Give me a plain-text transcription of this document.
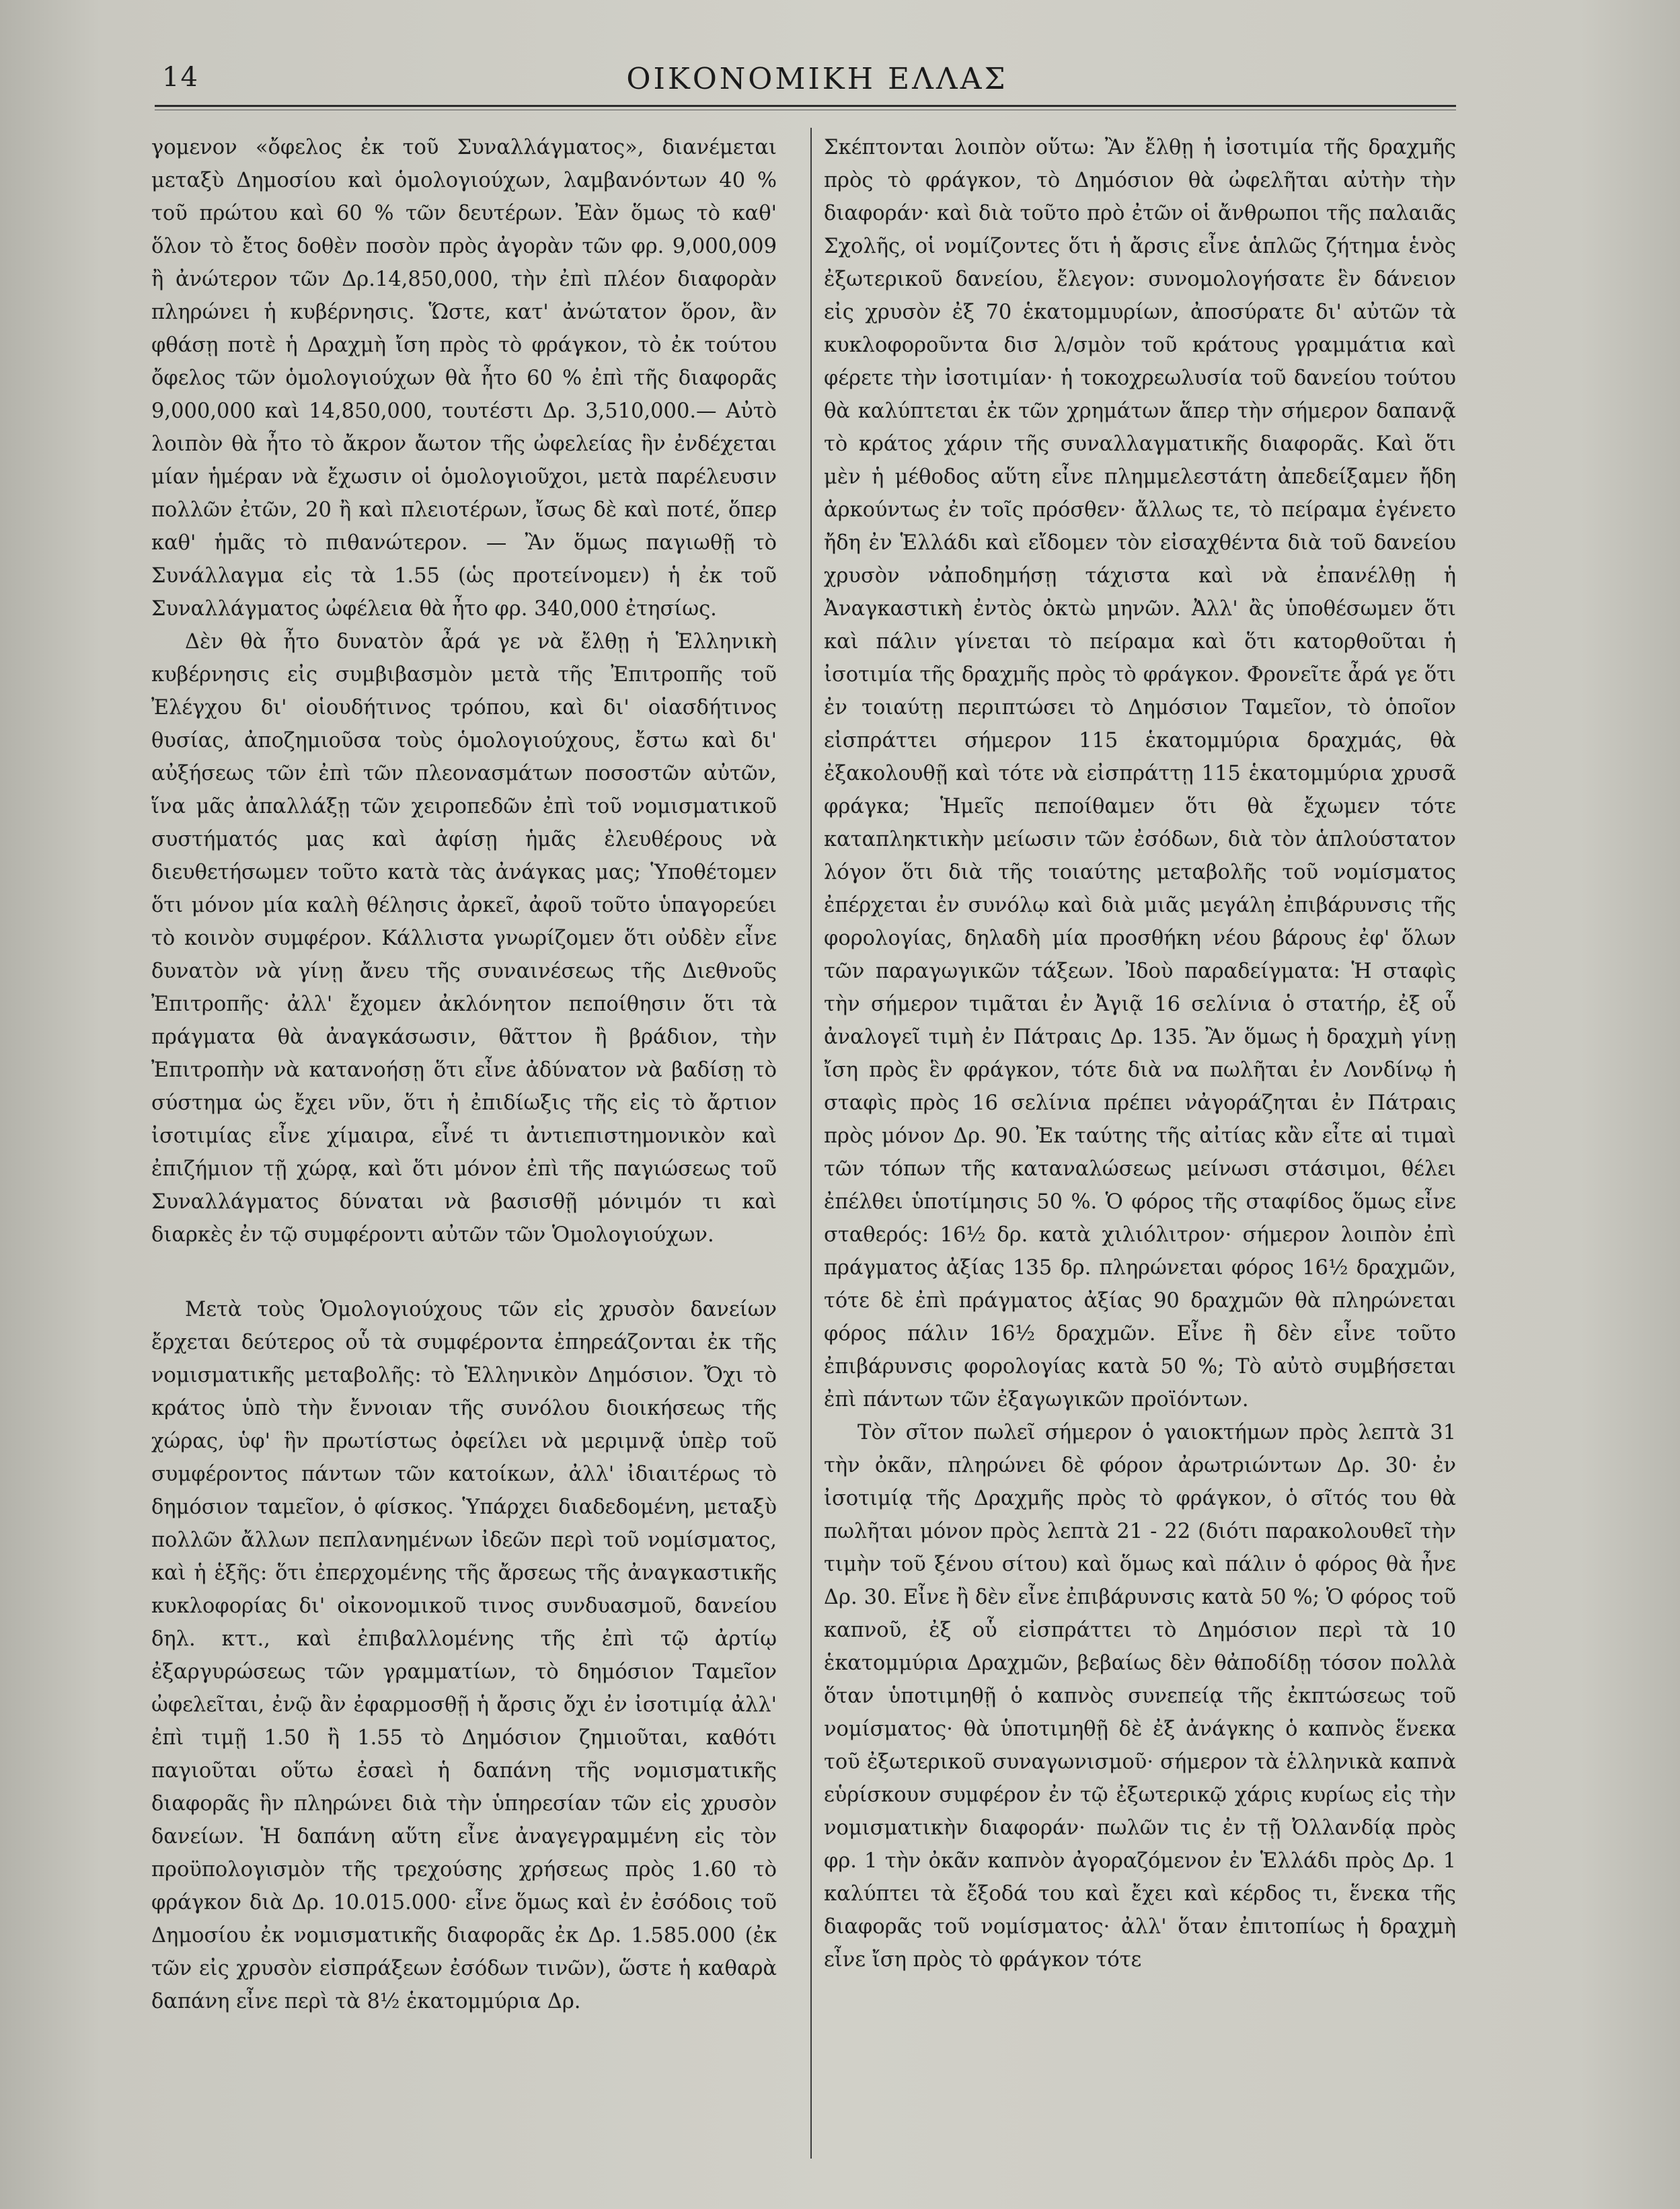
14	ΟΙΚΟΝΟΜΙΚΗ ΕΛΛΑΣ

γομενον «ὄφελος ἐκ τοῦ Συναλλάγματος», διανέμεται μεταξὺ Δημοσίου καὶ ὁμολογιούχων, λαμβανόντων 40 % τοῦ πρώτου καὶ 60 % τῶν δευτέρων. Ἐὰν ὅμως τὸ καθ' ὅλον τὸ ἔτος δοθὲν ποσὸν πρὸς ἀγορὰν τῶν φρ. 9,000,009 ἢ ἀνώτερον τῶν Δρ.14,850,000, τὴν ἐπὶ πλέον διαφορὰν πληρώνει ἡ κυβέρνησις. Ὥστε, κατ' ἀνώτατον ὅρον, ἂν φθάσῃ ποτὲ ἡ Δραχμὴ ἴση πρὸς τὸ φράγκον, τὸ ἐκ τούτου ὄφελος τῶν ὁμολογιούχων θὰ ἦτο 60 % ἐπὶ τῆς διαφορᾶς 9,000,000 καὶ 14,850,000, τουτέστι Δρ. 3,510,000.— Αὐτὸ λοιπὸν θὰ ἦτο τὸ ἄκρον ἄωτον τῆς ὠφελείας ἣν ἐνδέχεται μίαν ἡμέραν νὰ ἔχωσιν οἱ ὁμολογιοῦχοι, μετὰ παρέλευσιν πολλῶν ἐτῶν, 20 ἢ καὶ πλειοτέρων, ἴσως δὲ καὶ ποτέ, ὅπερ καθ' ἡμᾶς τὸ πιθανώτερον. — Ἂν ὅμως παγιωθῇ τὸ Συνάλλαγμα εἰς τὰ 1.55 (ὡς προτείνομεν) ἡ ἐκ τοῦ Συναλλάγματος ὠφέλεια θὰ ἦτο φρ. 340,000 ἐτησίως.

Δὲν θὰ ἦτο δυνατὸν ἆρά γε νὰ ἔλθῃ ἡ Ἑλληνικὴ κυβέρνησις εἰς συμβιβασμὸν μετὰ τῆς Ἐπιτροπῆς τοῦ Ἐλέγχου δι' οἱουδήτινος τρόπου, καὶ δι' οἱασδήτινος θυσίας, ἀποζημιοῦσα τοὺς ὁμολογιούχους, ἔστω καὶ δι' αὐξήσεως τῶν ἐπὶ τῶν πλεονασμάτων ποσοστῶν αὐτῶν, ἵνα μᾶς ἀπαλλάξῃ τῶν χειροπεδῶν ἐπὶ τοῦ νομισματικοῦ συστήματός μας καὶ ἀφίσῃ ἡμᾶς ἐλευθέρους νὰ διευθετήσωμεν τοῦτο κατὰ τὰς ἀνάγκας μας; Ὑποθέτομεν ὅτι μόνον μία καλὴ θέλησις ἀρκεῖ, ἀφοῦ τοῦτο ὑπαγορεύει τὸ κοινὸν συμφέρον. Κάλλιστα γνωρίζομεν ὅτι οὐδὲν εἶνε δυνατὸν νὰ γίνῃ ἄνευ τῆς συναινέσεως τῆς Διεθνοῦς Ἐπιτροπῆς· ἀλλ' ἔχομεν ἀκλόνητον πεποίθησιν ὅτι τὰ πράγματα θὰ ἀναγκάσωσιν, θᾶττον ἢ βράδιον, τὴν Ἐπιτροπὴν νὰ κατανοήσῃ ὅτι εἶνε ἀδύνατον νὰ βαδίσῃ τὸ σύστημα ὡς ἔχει νῦν, ὅτι ἡ ἐπιδίωξις τῆς εἰς τὸ ἄρτιον ἰσοτιμίας εἶνε χίμαιρα, εἶνέ τι ἀντιεπιστημονικὸν καὶ ἐπιζήμιον τῇ χώρᾳ, καὶ ὅτι μόνον ἐπὶ τῆς παγιώσεως τοῦ Συναλλάγματος δύναται νὰ βασισθῇ μόνιμόν τι καὶ διαρκὲς ἐν τῷ συμφέροντι αὐτῶν τῶν Ὁμολογιούχων.

Μετὰ τοὺς Ὁμολογιούχους τῶν εἰς χρυσὸν δανείων ἔρχεται δεύτερος οὗ τὰ συμφέροντα ἐπηρεάζονται ἐκ τῆς νομισματικῆς μεταβολῆς: τὸ Ἑλληνικὸν Δημόσιον. Ὄχι τὸ κράτος ὑπὸ τὴν ἔννοιαν τῆς συνόλου διοικήσεως τῆς χώρας, ὑφ' ἣν πρωτίστως ὀφείλει νὰ μεριμνᾷ ὑπὲρ τοῦ συμφέροντος πάντων τῶν κατοίκων, ἀλλ' ἰδιαιτέρως τὸ δημόσιον ταμεῖον, ὁ φίσκος. Ὑπάρχει διαδεδομένη, μεταξὺ πολλῶν ἄλλων πεπλανημένων ἰδεῶν περὶ τοῦ νομίσματος, καὶ ἡ ἑξῆς: ὅτι ἐπερχομένης τῆς ἄρσεως τῆς ἀναγκαστικῆς κυκλοφορίας δι' οἰκονομικοῦ τινος συνδυασμοῦ, δανείου δηλ. κττ., καὶ ἐπιβαλλομένης τῆς ἐπὶ τῷ ἀρτίῳ ἐξαργυρώσεως τῶν γραμματίων, τὸ δημόσιον Ταμεῖον ὠφελεῖται, ἐνῷ ἂν ἐφαρμοσθῇ ἡ ἄρσις ὄχι ἐν ἰσοτιμίᾳ ἀλλ' ἐπὶ τιμῇ 1.50 ἢ 1.55 τὸ Δημόσιον ζημιοῦται, καθότι παγιοῦται οὕτω ἐσαεὶ ἡ δαπάνη τῆς νομισματικῆς διαφορᾶς ἣν πληρώνει διὰ τὴν ὑπηρεσίαν τῶν εἰς χρυσὸν δανείων. Ἡ δαπάνη αὕτη εἶνε ἀναγεγραμμένη εἰς τὸν προϋπολογισμὸν τῆς τρεχούσης χρήσεως πρὸς 1.60 τὸ φράγκον διὰ Δρ. 10.015.000· εἶνε ὅμως καὶ ἐν ἐσόδοις τοῦ Δημοσίου ἐκ νομισματικῆς διαφορᾶς ἐκ Δρ. 1.585.000 (ἐκ τῶν εἰς χρυσὸν εἰσπράξεων ἐσόδων τινῶν), ὥστε ἡ καθαρὰ δαπάνη εἶνε περὶ τὰ 8½ ἑκατομμύρια Δρ.

Σκέπτονται λοιπὸν οὕτω: Ἂν ἔλθῃ ἡ ἰσοτιμία τῆς δραχμῆς πρὸς τὸ φράγκον, τὸ Δημόσιον θὰ ὠφελῆται αὐτὴν τὴν διαφοράν· καὶ διὰ τοῦτο πρὸ ἐτῶν οἱ ἄνθρωποι τῆς παλαιᾶς Σχολῆς, οἱ νομίζοντες ὅτι ἡ ἄρσις εἶνε ἁπλῶς ζήτημα ἑνὸς ἐξωτερικοῦ δανείου, ἔλεγον: συνομολογήσατε ἓν δάνειον εἰς χρυσὸν ἐξ 70 ἑκατομμυρίων, ἀποσύρατε δι' αὐτῶν τὰ κυκλοφοροῦντα δισ λ/σμὸν τοῦ κράτους γραμμάτια καὶ φέρετε τὴν ἰσοτιμίαν· ἡ τοκοχρεωλυσία τοῦ δανείου τούτου θὰ καλύπτεται ἐκ τῶν χρημάτων ἅπερ τὴν σήμερον δαπανᾷ τὸ κράτος χάριν τῆς συναλλαγματικῆς διαφορᾶς. Καὶ ὅτι μὲν ἡ μέθοδος αὕτη εἶνε πλημμελεστάτη ἀπεδείξαμεν ἤδη ἀρκούντως ἐν τοῖς πρόσθεν· ἄλλως τε, τὸ πείραμα ἐγένετο ἤδη ἐν Ἑλλάδι καὶ εἴδομεν τὸν εἰσαχθέντα διὰ τοῦ δανείου χρυσὸν νἀποδημήσῃ τάχιστα καὶ νὰ ἐπανέλθῃ ἡ Ἀναγκαστικὴ ἐντὸς ὀκτὼ μηνῶν. Ἀλλ' ἂς ὑποθέσωμεν ὅτι καὶ πάλιν γίνεται τὸ πείραμα καὶ ὅτι κατορθοῦται ἡ ἰσοτιμία τῆς δραχμῆς πρὸς τὸ φράγκον. Φρονεῖτε ἆρά γε ὅτι ἐν τοιαύτῃ περιπτώσει τὸ Δημόσιον Ταμεῖον, τὸ ὁποῖον εἰσπράττει σήμερον 115 ἑκατομμύρια δραχμάς, θὰ ἐξακολουθῇ καὶ τότε νὰ εἰσπράττῃ 115 ἑκατομμύρια χρυσᾶ φράγκα; Ἡμεῖς πεποίθαμεν ὅτι θὰ ἔχωμεν τότε καταπληκτικὴν μείωσιν τῶν ἐσόδων, διὰ τὸν ἁπλούστατον λόγον ὅτι διὰ τῆς τοιαύτης μεταβολῆς τοῦ νομίσματος ἐπέρχεται ἐν συνόλῳ καὶ διὰ μιᾶς μεγάλη ἐπιβάρυνσις τῆς φορολογίας, δηλαδὴ μία προσθήκη νέου βάρους ἐφ' ὅλων τῶν παραγωγικῶν τάξεων. Ἰδοὺ παραδείγματα: Ἡ σταφὶς τὴν σήμερον τιμᾶται ἐν Ἀγιᾷ 16 σελίνια ὁ στατήρ, ἐξ οὗ ἀναλογεῖ τιμὴ ἐν Πάτραις Δρ. 135. Ἂν ὅμως ἡ δραχμὴ γίνῃ ἴση πρὸς ἓν φράγκον, τότε διὰ να πωλῆται ἐν Λονδίνῳ ἡ σταφὶς πρὸς 16 σελίνια πρέπει νἀγοράζηται ἐν Πάτραις πρὸς μόνον Δρ. 90. Ἐκ ταύτης τῆς αἰτίας κἂν εἶτε αἱ τιμαὶ τῶν τόπων τῆς καταναλώσεως μείνωσι στάσιμοι, θέλει ἐπέλθει ὑποτίμησις 50 %. Ὁ φόρος τῆς σταφίδος ὅμως εἶνε σταθερός: 16½ δρ. κατὰ χιλιόλιτρον· σήμερον λοιπὸν ἐπὶ πράγματος ἀξίας 135 δρ. πληρώνεται φόρος 16½ δραχμῶν, τότε δὲ ἐπὶ πράγματος ἀξίας 90 δραχμῶν θὰ πληρώνεται φόρος πάλιν 16½ δραχμῶν. Εἶνε ἢ δὲν εἶνε τοῦτο ἐπιβάρυνσις φορολογίας κατὰ 50 %; Τὸ αὐτὸ συμβήσεται ἐπὶ πάντων τῶν ἐξαγωγικῶν προϊόντων.

Τὸν σῖτον πωλεῖ σήμερον ὁ γαιοκτήμων πρὸς λεπτὰ 31 τὴν ὀκᾶν, πληρώνει δὲ φόρον ἀρωτριώντων Δρ. 30· ἐν ἰσοτιμίᾳ τῆς Δραχμῆς πρὸς τὸ φράγκον, ὁ σῖτός του θὰ πωλῆται μόνον πρὸς λεπτὰ 21 - 22 (διότι παρακολουθεῖ τὴν τιμὴν τοῦ ξένου σίτου) καὶ ὅμως καὶ πάλιν ὁ φόρος θὰ ἦνε Δρ. 30. Εἶνε ἢ δὲν εἶνε ἐπιβάρυνσις κατὰ 50 %; Ὁ φόρος τοῦ καπνοῦ, ἐξ οὗ εἰσπράττει τὸ Δημόσιον περὶ τὰ 10 ἑκατομμύρια Δραχμῶν, βεβαίως δὲν θἀποδίδῃ τόσον πολλὰ ὅταν ὑποτιμηθῇ ὁ καπνὸς συνεπείᾳ τῆς ἐκπτώσεως τοῦ νομίσματος· θὰ ὑποτιμηθῇ δὲ ἐξ ἀνάγκης ὁ καπνὸς ἕνεκα τοῦ ἐξωτερικοῦ συναγωνισμοῦ· σήμερον τὰ ἑλληνικὰ καπνὰ εὑρίσκουν συμφέρον ἐν τῷ ἐξωτερικῷ χάρις κυρίως εἰς τὴν νομισματικὴν διαφοράν· πωλῶν τις ἐν τῇ Ὀλλανδίᾳ πρὸς φρ. 1 τὴν ὀκᾶν καπνὸν ἀγοραζόμενον ἐν Ἑλλάδι πρὸς Δρ. 1 καλύπτει τὰ ἔξοδά του καὶ ἔχει καὶ κέρδος τι, ἕνεκα τῆς διαφορᾶς τοῦ νομίσματος· ἀλλ' ὅταν ἐπιτοπίως ἡ δραχμὴ εἶνε ἴση πρὸς τὸ φράγκον τότε
